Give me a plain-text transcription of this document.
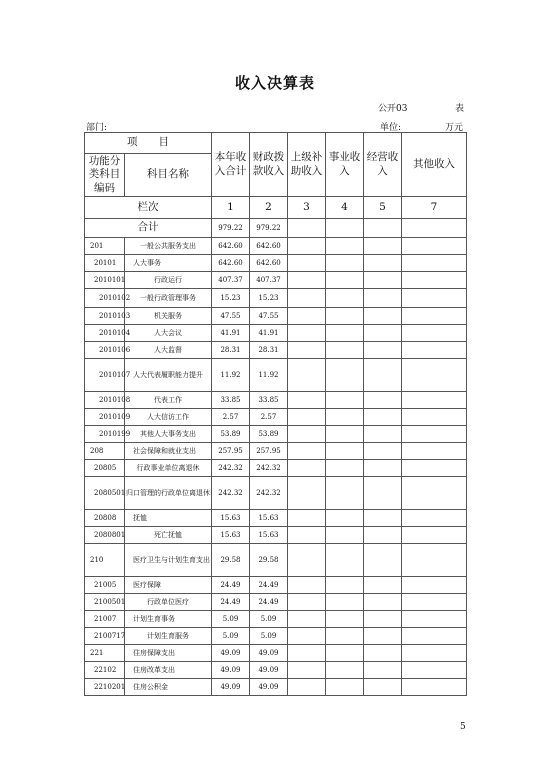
收入决算表
公开03	表
部门:	单位:	万元
项　　目		本年收入合计	财政拨款收入	上级补助收入	事业收入	经营收入	其他收入
功能分类科目编码	科目名称						
栏次		1	2	3	4	5	7
合计		979.22	979.22				
201	一般公共服务支出	642.60	642.60				
20101	人大事务	642.60	642.60				
2010101	行政运行	407.37	407.37				
2010102	一般行政管理事务	15.23	15.23				
2010103	机关服务	47.55	47.55				
2010104	人大会议	41.91	41.91				
2010106	人大监督	28.31	28.31				
2010107	人大代表履职能力提升	11.92	11.92				
2010108	代表工作	33.85	33.85				
2010109	人大信访工作	2.57	2.57				
2010199	其他人大事务支出	53.89	53.89				
208	社会保障和就业支出	257.95	257.95				
20805	行政事业单位离退休	242.32	242.32				
2080501	归口管理的行政单位离退休	242.32	242.32				
20808	抚恤	15.63	15.63				
2080801	死亡抚恤	15.63	15.63				
210	医疗卫生与计划生育支出	29.58	29.58				
21005	医疗保障	24.49	24.49				
2100501	行政单位医疗	24.49	24.49				
21007	计划生育事务	5.09	5.09				
2100717	计划生育服务	5.09	5.09				
221	住房保障支出	49.09	49.09				
22102	住房改革支出	49.09	49.09				
2210201	住房公积金	49.09	49.09				
5
